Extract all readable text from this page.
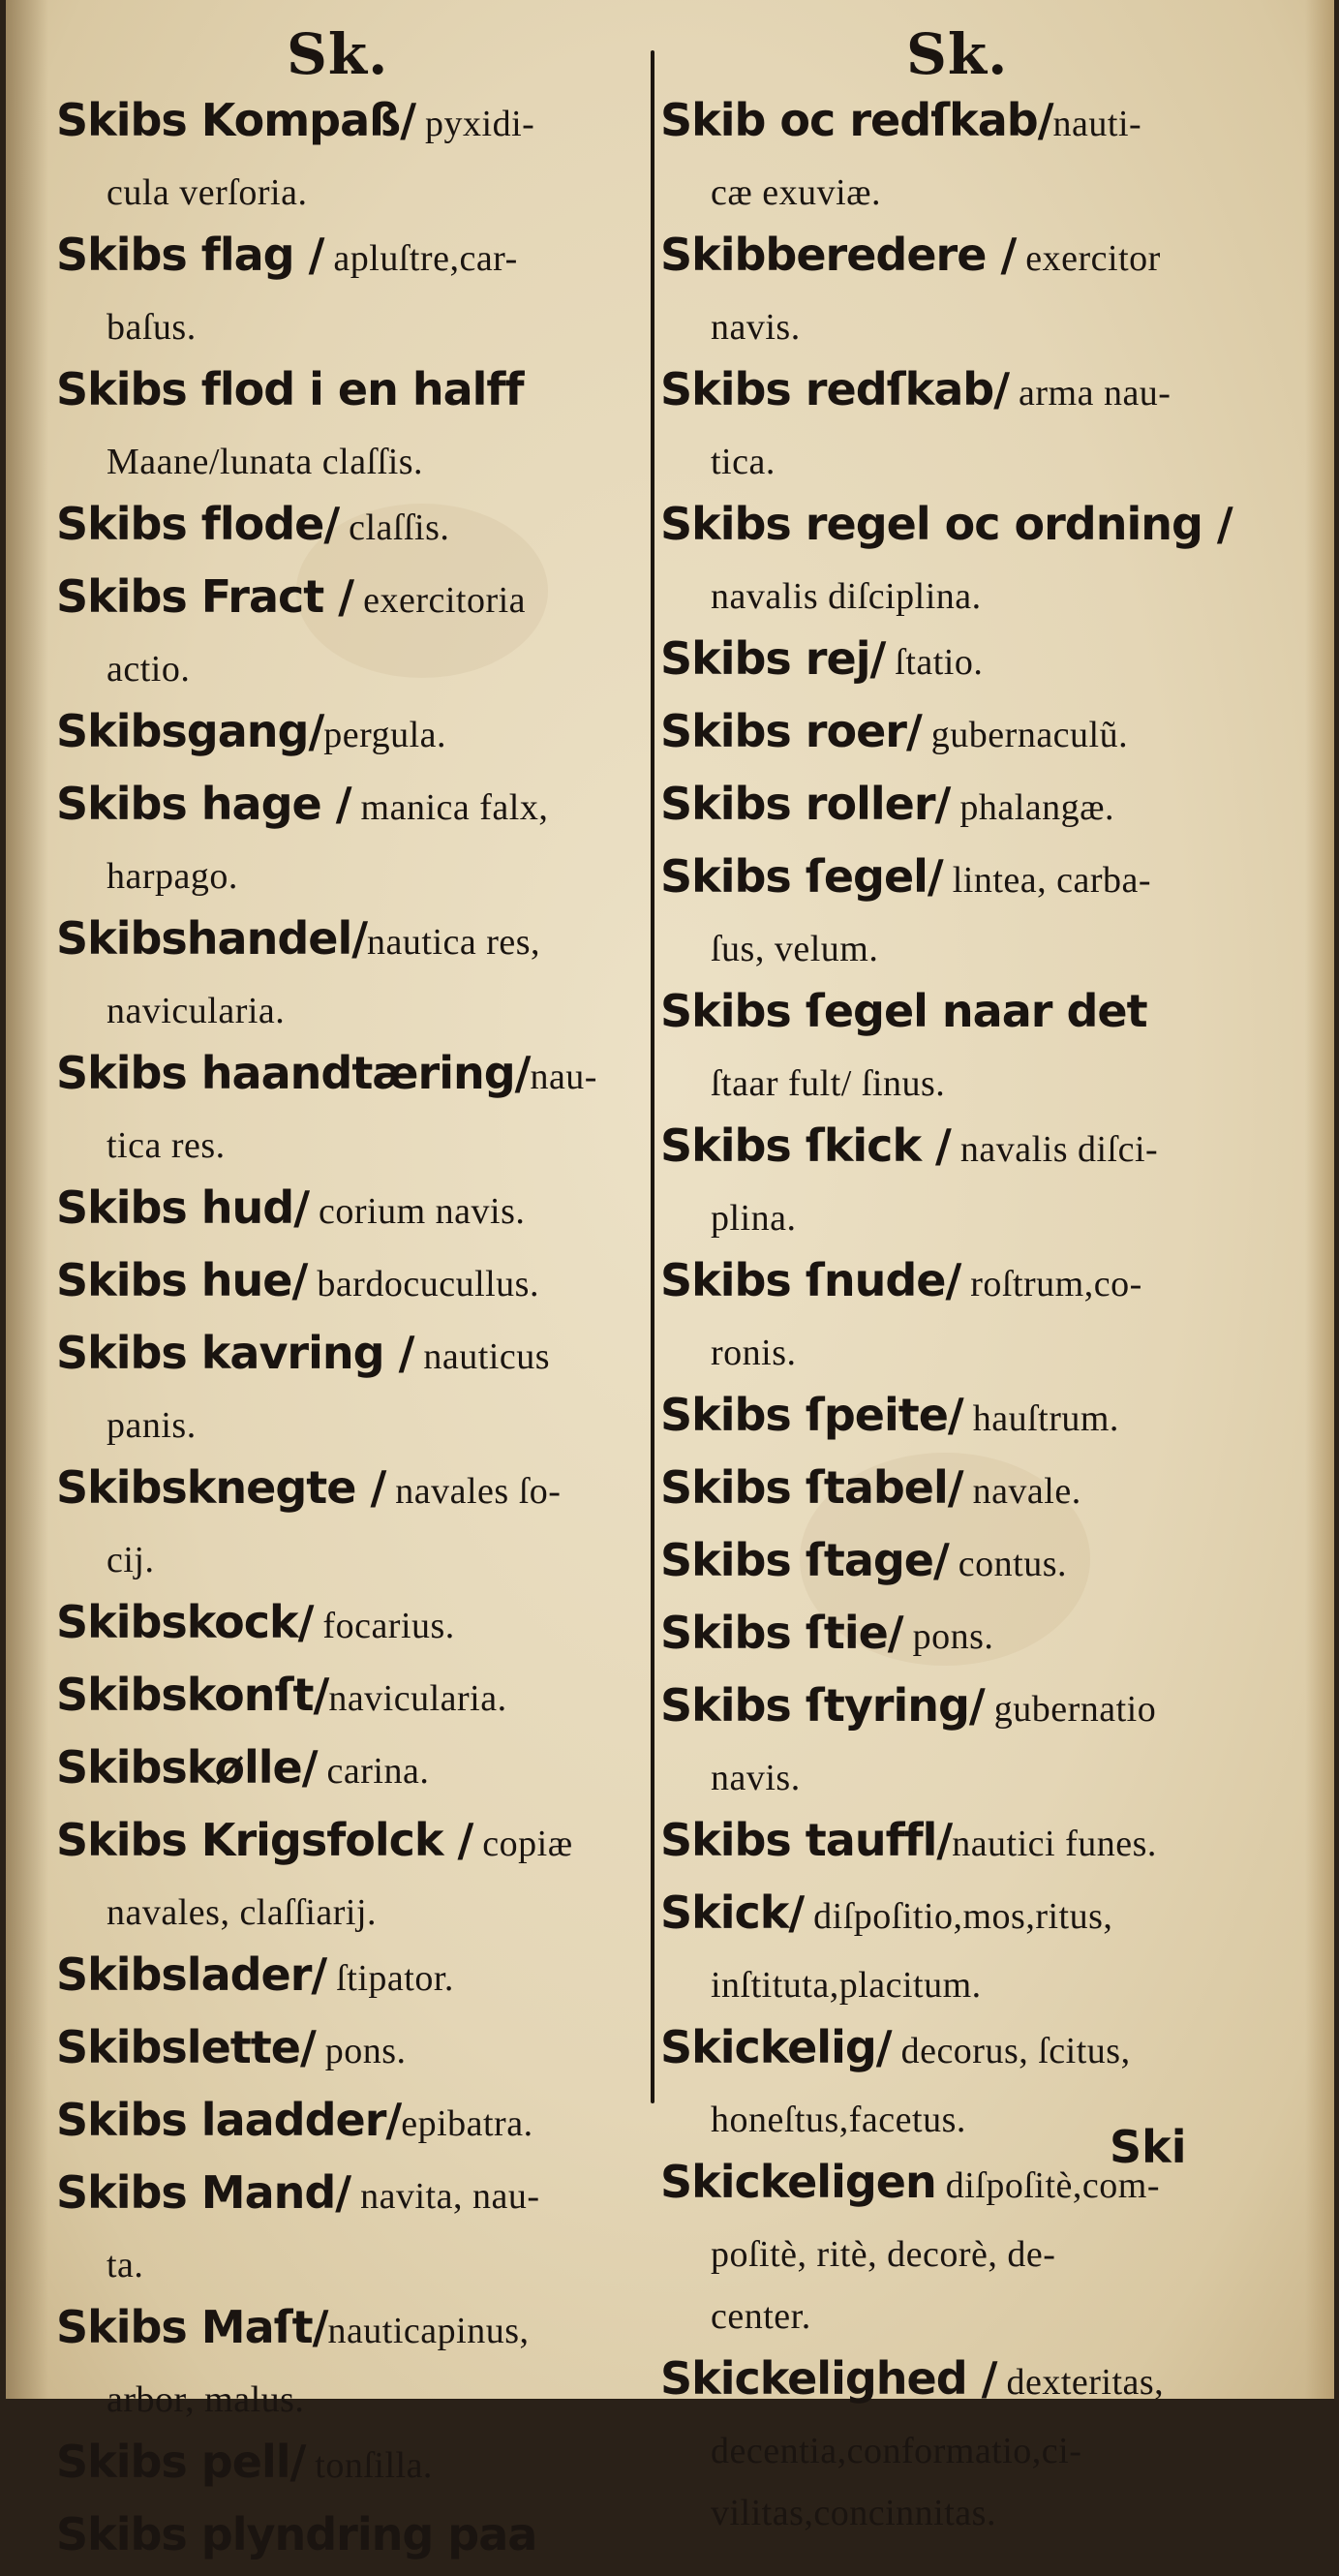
Sk.	Sk.
Skibs Kompaß/ pyxidi-
cula verſoria.
Skibs flag / apluſtre,car-
baſus.
Skibs flod i en halff
Maane/lunata claſſis.
Skibs flode/ claſſis.
Skibs Fract / exercitoria
actio.
Skibsgang/pergula.
Skibs hage / manica falx,
harpago.
Skibshandel/nautica res,
navicularia.
Skibs haandtæring/nau-
tica res.
Skibs hud/ corium navis.
Skibs hue/ bardocucullus.
Skibs kavring / nauticus
panis.
Skibsknegte / navales ſo-
cij.
Skibskock/ focarius.
Skibskonſt/navicularia.
Skibskølle/ carina.
Skibs Krigsfolck / copiæ
navales, claſſiarij.
Skibslader/ ſtipator.
Skibslette/ pons.
Skibs laadder/epibatra.
Skibs Mand/ navita, nau-
ta.
Skibs Maſt/nauticapinus,
arbor, malus.
Skibs pell/ tonſilla.
Skibs plyndring paa
Skib oc redſkab/nauti-
cæ exuviæ.
Skibberedere / exercitor
navis.
Skibs redſkab/ arma nau-
tica.
Skibs regel oc ordning /
navalis diſciplina.
Skibs rej/ ſtatio.
Skibs roer/ gubernaculũ.
Skibs roller/ phalangæ.
Skibs ſegel/ lintea, carba-
ſus, velum.
Skibs ſegel naar det
ſtaar fult/ ſinus.
Skibs ſkick / navalis diſci-
plina.
Skibs ſnude/ roſtrum,co-
ronis.
Skibs ſpeite/ hauſtrum.
Skibs ſtabel/ navale.
Skibs ſtage/ contus.
Skibs ſtie/ pons.
Skibs ſtyring/ gubernatio
navis.
Skibs tauffl/nautici funes.
Skick/ diſpoſitio,mos,ritus,
inſtituta,placitum.
Skickelig/ decorus, ſcitus,
honeſtus,facetus.
Skickeligen diſpoſitè,com-
poſitè, ritè, decorè, de-
center.
Skickelighed / dexteritas,
decentia,conformatio,ci-
vilitas,concinnitas.
Ski
